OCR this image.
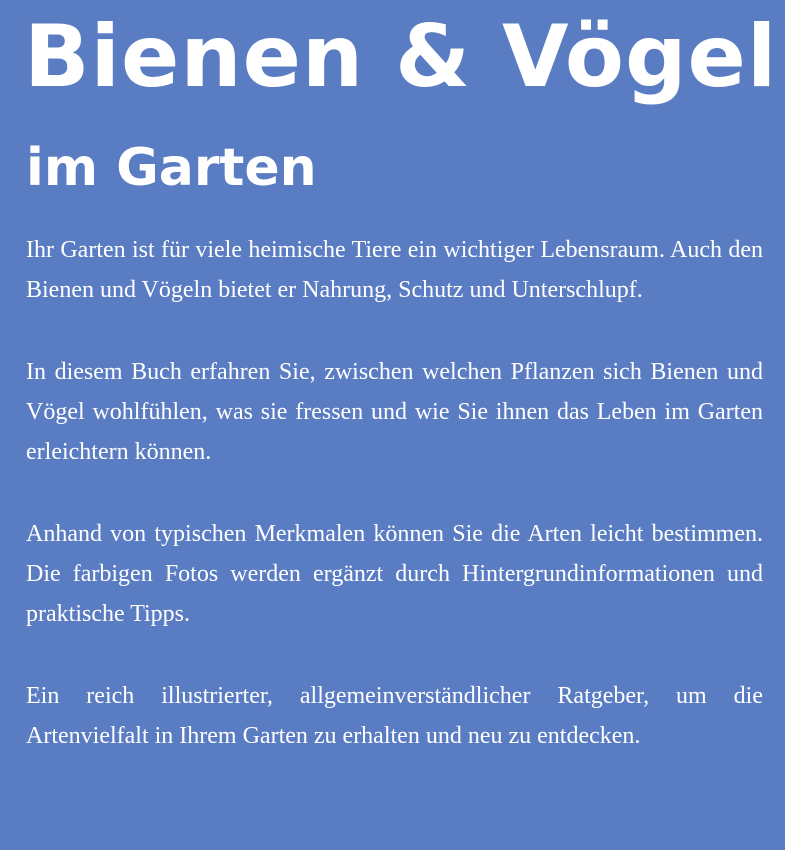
Bienen & Vögel
im Garten

Ihr Garten ist für viele heimische Tiere ein wichtiger Lebensraum. Auch den Bienen und Vögeln bietet er Nahrung, Schutz und Unterschlupf.

In diesem Buch erfahren Sie, zwischen welchen Pflanzen sich Bienen und Vögel wohlfühlen, was sie fressen und wie Sie ihnen das Leben im Garten erleichtern können.

Anhand von typischen Merkmalen können Sie die Arten leicht bestimmen. Die farbigen Fotos werden ergänzt durch Hintergrundinformationen und praktische Tipps.

Ein reich illustrierter, allgemeinverständlicher Ratgeber, um die Artenvielfalt in Ihrem Garten zu erhalten und neu zu entdecken.
